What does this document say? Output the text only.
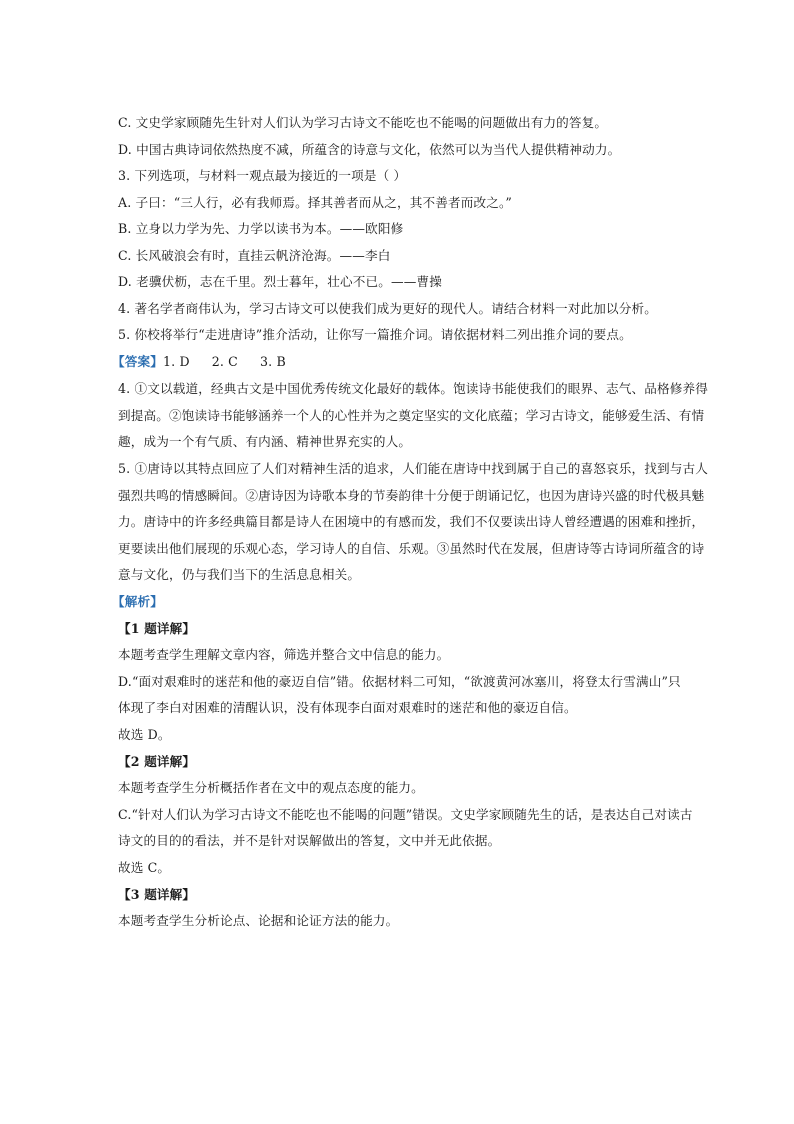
C. 文史学家顾随先生针对人们认为学习古诗文不能吃也不能喝的问题做出有力的答复。
D. 中国古典诗词依然热度不减，所蕴含的诗意与文化，依然可以为当代人提供精神动力。
3. 下列选项，与材料一观点最为接近的一项是（ ）
A. 子曰：“三人行，必有我师焉。择其善者而从之，其不善者而改之。”
B. 立身以力学为先、力学以读书为本。——欧阳修
C. 长风破浪会有时，直挂云帆济沧海。——李白
D. 老骥伏枥，志在千里。烈士暮年，壮心不已。——曹操
4. 著名学者商伟认为，学习古诗文可以使我们成为更好的现代人。请结合材料一对此加以分析。
5. 你校将举行“走进唐诗”推介活动，让你写一篇推介词。请依据材料二列出推介词的要点。
【答案】1. D 2. C 3. B
4. ①文以载道，经典古文是中国优秀传统文化最好的载体。饱读诗书能使我们的眼界、志气、品格修养得
到提高。②饱读诗书能够涵养一个人的心性并为之奠定坚实的文化底蕴；学习古诗文，能够爱生活、有情
趣，成为一个有气质、有内涵、精神世界充实的人。
5. ①唐诗以其特点回应了人们对精神生活的追求，人们能在唐诗中找到属于自己的喜怒哀乐，找到与古人
强烈共鸣的情感瞬间。②唐诗因为诗歌本身的节奏韵律十分便于朗诵记忆，也因为唐诗兴盛的时代极具魅
力。唐诗中的许多经典篇目都是诗人在困境中的有感而发，我们不仅要读出诗人曾经遭遇的困难和挫折，
更要读出他们展现的乐观心态，学习诗人的自信、乐观。③虽然时代在发展，但唐诗等古诗词所蕴含的诗
意与文化，仍与我们当下的生活息息相关。
【解析】
【1 题详解】
本题考查学生理解文章内容，筛选并整合文中信息的能力。
D.“面对艰难时的迷茫和他的豪迈自信”错。依据材料二可知，“欲渡黄河冰塞川，将登太行雪满山”只
体现了李白对困难的清醒认识，没有体现李白面对艰难时的迷茫和他的豪迈自信。
故选 D。
【2 题详解】
本题考查学生分析概括作者在文中的观点态度的能力。
C.“针对人们认为学习古诗文不能吃也不能喝的问题”错误。文史学家顾随先生的话，是表达自己对读古
诗文的目的的看法，并不是针对误解做出的答复，文中并无此依据。
故选 C。
【3 题详解】
本题考查学生分析论点、论据和论证方法的能力。
